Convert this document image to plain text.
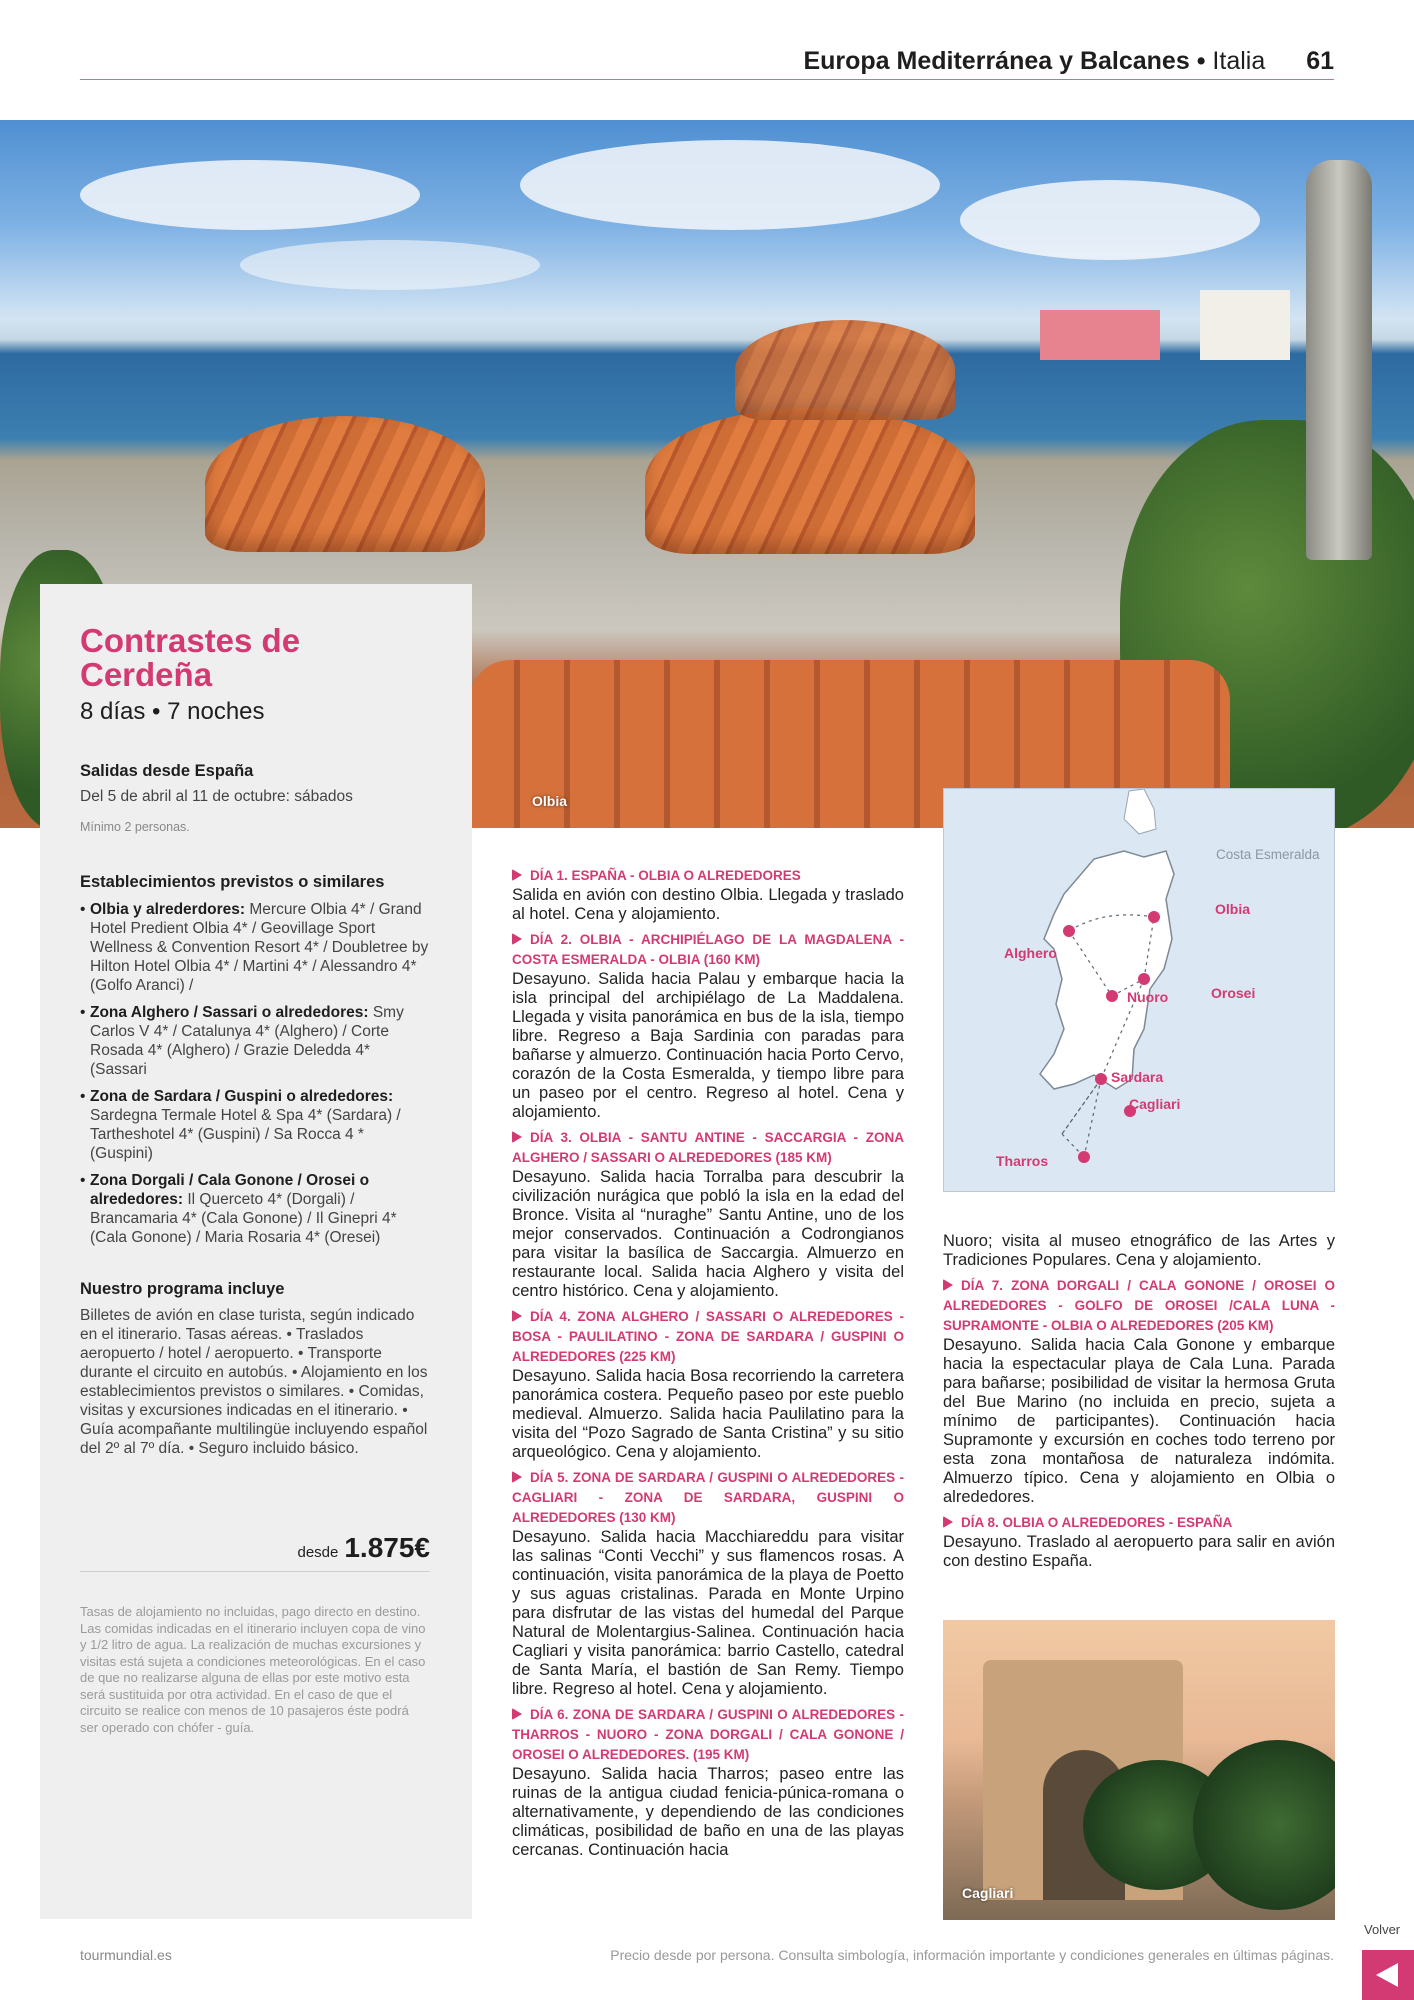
Europa Mediterránea y Balcanes • Italia 61
Olbia
Contrastes de Cerdeña
8 días • 7 noches
Salidas desde España
Del 5 de abril al 11 de octubre: sábados
Mínimo 2 personas.
Establecimientos previstos o similares
• Olbia y alrederdores: Mercure Olbia 4* / Grand Hotel Predient Olbia 4* / Geovillage Sport Wellness & Convention Resort 4* / Doubletree by Hilton Hotel Olbia 4* / Martini 4* / Alessandro 4* (Golfo Aranci) /
• Zona Alghero / Sassari o alrededores: Smy Carlos V 4* / Catalunya 4* (Alghero) / Corte Rosada 4* (Alghero) / Grazie Deledda 4* (Sassari
• Zona de Sardara / Guspini o alrededores: Sardegna Termale Hotel & Spa 4* (Sardara) / Tartheshotel 4* (Guspini) / Sa Rocca 4 * (Guspini)
• Zona Dorgali / Cala Gonone / Orosei o alrededores: Il Querceto 4* (Dorgali) / Brancamaria 4* (Cala Gonone) / Il Ginepri 4* (Cala Gonone) / Maria Rosaria 4* (Oresei)
Nuestro programa incluye
Billetes de avión en clase turista, según indicado en el itinerario. Tasas aéreas. • Traslados aeropuerto / hotel / aeropuerto. • Transporte durante el circuito en autobús. • Alojamiento en los establecimientos previstos o similares. • Comidas, visitas y excursiones indicadas en el itinerario. • Guía acompañante multilingüe incluyendo español del 2º al 7º día. • Seguro incluido básico.
desde 1.875€
Tasas de alojamiento no incluidas, pago directo en destino. Las comidas indicadas en el itinerario incluyen copa de vino y 1/2 litro de agua. La realización de muchas excursiones y visitas está sujeta a condiciones meteorológicas. En el caso de que no realizarse alguna de ellas por este motivo esta será sustituida por otra actividad. En el caso de que el circuito se realice con menos de 10 pasajeros éste podrá ser operado con chófer - guía.
DÍA 1. ESPAÑA - OLBIA O ALREDEDORES
Salida en avión con destino Olbia. Llegada y traslado al hotel. Cena y alojamiento.
DÍA 2. OLBIA - ARCHIPIÉLAGO DE LA MAGDALENA - COSTA ESMERALDA - OLBIA (160 KM)
Desayuno. Salida hacia Palau y embarque hacia la isla principal del archipiélago de La Maddalena. Llegada y visita panorámica en bus de la isla, tiempo libre. Regreso a Baja Sardinia con paradas para bañarse y almuerzo. Continuación hacia Porto Cervo, corazón de la Costa Esmeralda, y tiempo libre para un paseo por el centro. Regreso al hotel. Cena y alojamiento.
DÍA 3. OLBIA - SANTU ANTINE - SACCARGIA - ZONA ALGHERO / SASSARI O ALREDEDORES (185 KM)
Desayuno. Salida hacia Torralba para descubrir la civilización nurágica que pobló la isla en la edad del Bronce. Visita al “nuraghe” Santu Antine, uno de los mejor conservados. Continuación a Codrongianos para visitar la basílica de Saccargia. Almuerzo en restaurante local. Salida hacia Alghero y visita del centro histórico. Cena y alojamiento.
DÍA 4. ZONA ALGHERO / SASSARI O ALREDEDORES - BOSA - PAULILATINO - ZONA DE SARDARA / GUSPINI O ALREDEDORES (225 KM)
Desayuno. Salida hacia Bosa recorriendo la carretera panorámica costera. Pequeño paseo por este pueblo medieval. Almuerzo. Salida hacia Paulilatino para la visita del “Pozo Sagrado de Santa Cristina” y su sitio arqueológico. Cena y alojamiento.
DÍA 5. ZONA DE SARDARA / GUSPINI O ALREDEDORES - CAGLIARI - ZONA DE SARDARA, GUSPINI O ALREDEDORES (130 KM)
Desayuno. Salida hacia Macchiareddu para visitar las salinas “Conti Vecchi” y sus flamencos rosas. A continuación, visita panorámica de la playa de Poetto y sus aguas cristalinas. Parada en Monte Urpino para disfrutar de las vistas del humedal del Parque Natural de Molentargius-Salinea. Continuación hacia Cagliari y visita panorámica: barrio Castello, catedral de Santa María, el bastión de San Remy. Tiempo libre. Regreso al hotel. Cena y alojamiento.
DÍA 6. ZONA DE SARDARA / GUSPINI O ALREDEDORES - THARROS - NUORO - ZONA DORGALI / CALA GONONE / OROSEI O ALREDEDORES. (195 KM)
Desayuno. Salida hacia Tharros; paseo entre las ruinas de la antigua ciudad fenicia-púnica-romana o alternativamente, y dependiendo de las condiciones climáticas, posibilidad de baño en una de las playas cercanas. Continuación hacia
Costa Esmeralda
Olbia
Alghero
Nuoro	Orosei
Sardara
Cagliari
Tharros
Nuoro; visita al museo etnográfico de las Artes y Tradiciones Populares. Cena y alojamiento.
DÍA 7. ZONA DORGALI / CALA GONONE / OROSEI O ALREDEDORES - GOLFO DE OROSEI /CALA LUNA - SUPRAMONTE - OLBIA O ALREDEDORES (205 KM)
Desayuno. Salida hacia Cala Gonone y embarque hacia la espectacular playa de Cala Luna. Parada para bañarse; posibilidad de visitar la hermosa Gruta del Bue Marino (no incluida en precio, sujeta a mínimo de participantes). Continuación hacia Supramonte y excursión en coches todo terreno por esta zona montañosa de naturaleza indómita. Almuerzo típico. Cena y alojamiento en Olbia o alrededores.
DÍA 8. OLBIA O ALREDEDORES - ESPAÑA
Desayuno. Traslado al aeropuerto para salir en avión con destino España.
Cagliari
tourmundial.es	Precio desde por persona. Consulta simbología, información importante y condiciones generales en últimas páginas.
Volver
